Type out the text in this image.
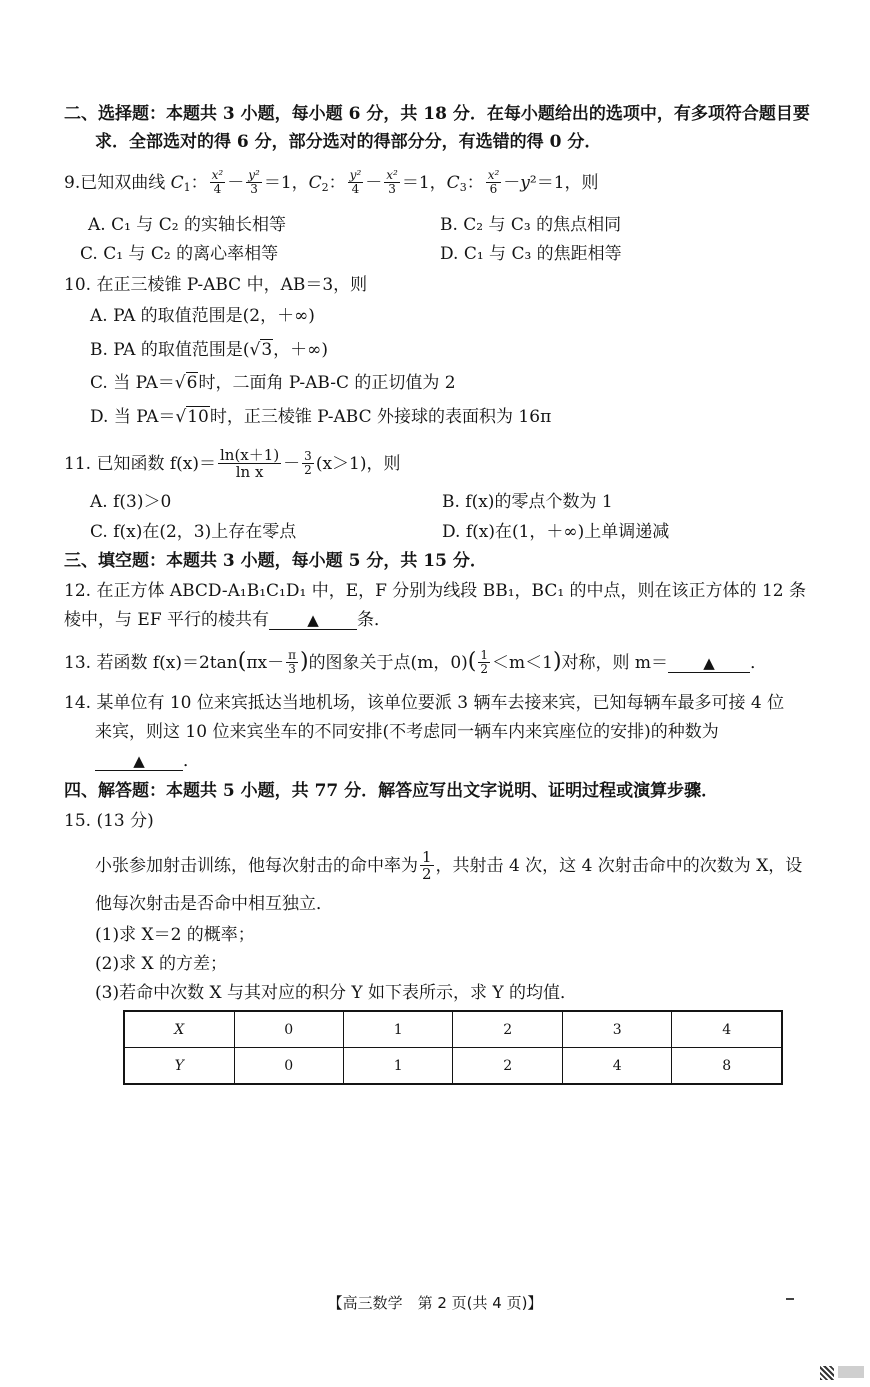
二、选择题：本题共 3 小题，每小题 6 分，共 18 分．在每小题给出的选项中，有多项符合题目要
求．全部选对的得 6 分，部分选对的得部分分，有选错的得 0 分．
9.已知双曲线 $C_1$： $\frac{\text{x²}}{4} - \frac{\text{y²}}{3} =1$，$C_2$： $\frac{\text{y²}}{4} - \frac{\text{x²}}{3} =1$，$C_3$： $\frac{\text{x²}}{6} -y^2=1$，则
A. C₁ 与 C₂ 的实轴长相等	B. C₂ 与 C₃ 的焦点相同
C. C₁ 与 C₂ 的离心率相等	D. C₁ 与 C₃ 的焦距相等
10. 在正三棱锥 P-ABC 中，AB＝3，则
A. PA 的取值范围是(2，＋∞)
B. PA 的取值范围是(√3，＋∞)
C. 当 PA＝√6时，二面角 P-AB-C 的正切值为 2
D. 当 PA＝√10时，正三棱锥 P-ABC 外接球的表面积为 16π
11. 已知函数 $f(x)= \frac{\ln(x+1)}{\text{ln x}} - \frac{3}{2} (x>1)$，则
A. f(3)＞0	B. f(x)的零点个数为 1
C. f(x)在(2，3)上存在零点	D. f(x)在(1，＋∞)上单调递减
三、填空题：本题共 3 小题，每小题 5 分，共 15 分．
12. 在正方体 ABCD-A₁B₁C₁D₁ 中，E，F 分别为线段 BB₁，BC₁ 的中点，则在该正方体的 12 条
棱中，与 EF 平行的棱共有	▲ 条．
13. 若函数 $f(x)=2\tan(\pi x- \frac{\pi}{3}$ )的图象关于点(m，$0)( \frac{1}{2} <m<1)$对称，则 m＝ ▲ ．
14. 某单位有 10 位来宾抵达当地机场，该单位要派 3 辆车去接来宾，已知每辆车最多可接 4 位
来宾，则这 10 位来宾坐车的不同安排(不考虑同一辆车内来宾座位的安排)的种数为
▲ ．
四、解答题：本题共 5 小题，共 77 分．解答应写出文字说明、证明过程或演算步骤．
15. (13 分)
小张参加射击训练，他每次射击的命中率为 $\frac{1}{2}$ ，共射击 4 次，这 4 次射击命中的次数为 X，设
他每次射击是否命中相互独立．
(1)求 X＝2 的概率；
(2)求 X 的方差；
(3)若命中次数 X 与其对应的积分 Y 如下表所示，求 Y 的均值．
X	0	1	2	3	4
Y	0	1	2	4	8
【高三数学　第 2 页(共 4 页)】
